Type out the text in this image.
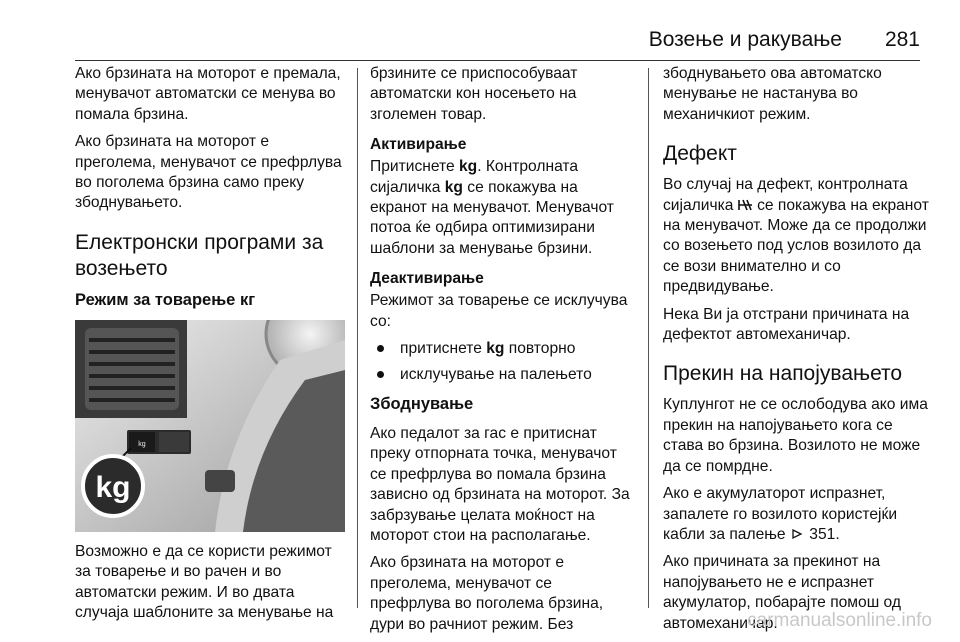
Возење и ракување 281

Ако брзината на моторот е премала, менувачот автоматски се менува во помала брзина.

Ако брзината на моторот е преголема, менувачот се префрлува во поголема брзина само преку збоднувањето.

Електронски програми за возењето
Режим за товарење кг
kg
kg

Возможно е да се користи режимот за товарење и во рачен и во автоматски режим. И во двата случаја шаблоните за менување на

брзините се приспособуваат автоматски кон носењето на зголемен товар.

Активирање

Притиснете kg. Контролната сијаличка kg се покажува на екранот на менувачот. Менувачот потоа ќе одбира оптимизирани шаблони за менување брзини.

Деактивирање

Режимот за товарење се исклучува со:

притиснете kg повторно
исклучување на палењето
Збоднување

Ако педалот за гас е притиснат преку отпорната точка, менувачот се префрлува во помала брзина зависно од брзината на моторот. За забрзување целата моќност на моторот стои на располагање.

Ако брзината на моторот е преголема, менувачот се префрлува во поголема брзина, дури во рачниот режим. Без

збоднувањето ова автоматско менување не настанува во механичкиот режим.

Дефект

Во случај на дефект, контролната сијаличка  се покажува на екранот на менувачот. Може да се продолжи со возењето под услов возилото да се вози внимателно и со предвидување.

Нека Ви ја отстрани причината на дефектот автомеханичар.

Прекин на напојувањето

Куплунгот не се ослободува ако има прекин на напојувањето кога се става во брзина. Возилото не може да се помрдне.

Ако е акумулаторот испразнет, запалете го возилото користејќи кабли за палење  351.

Ако причината за прекинот на напојувањето не е испразнет акумулатор, побарајте помош од автомеханичар.

carmanualsonline.info
